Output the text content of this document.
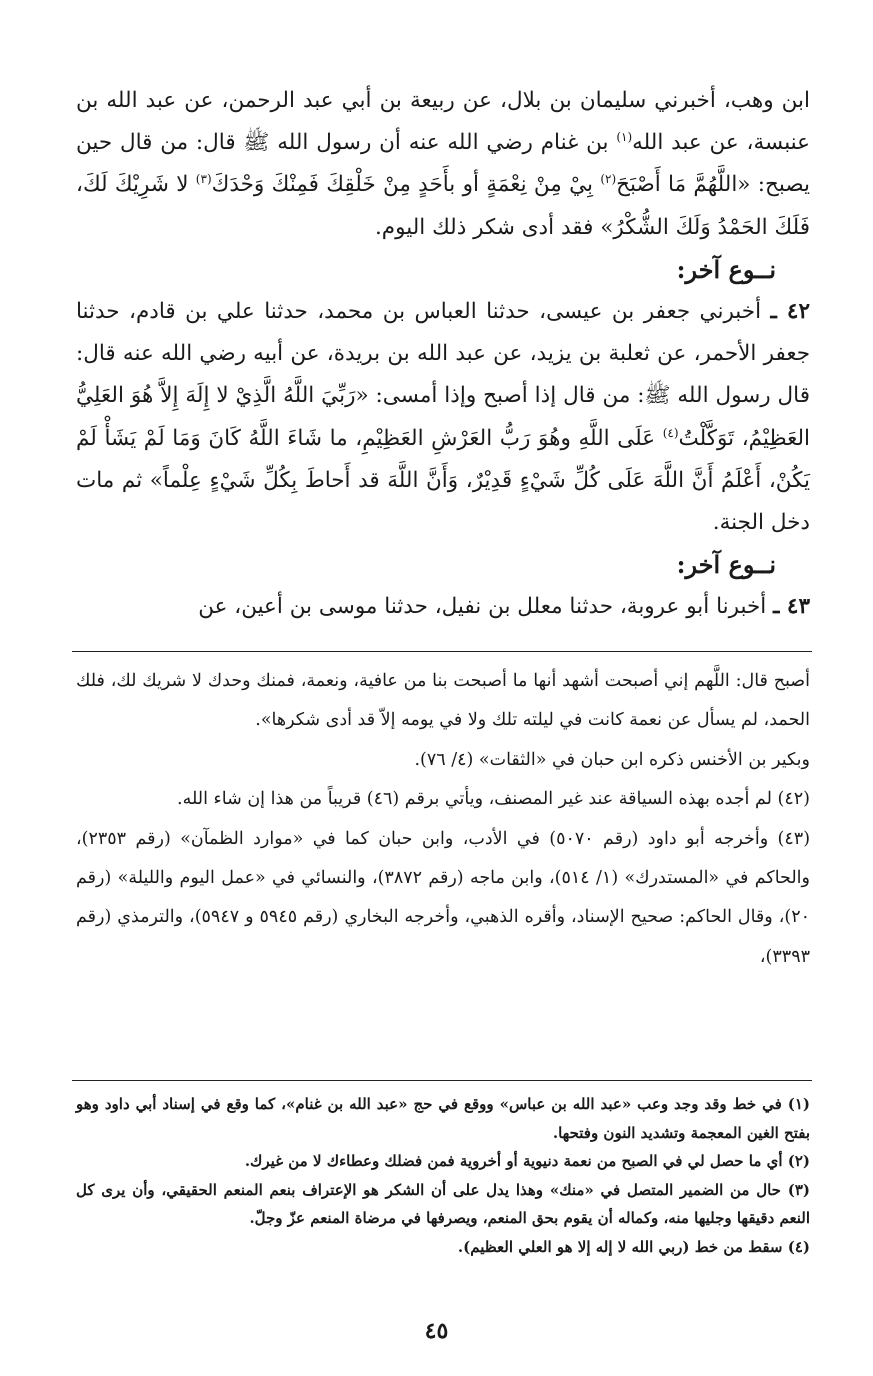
ابن وهب، أخبرني سليمان بن بلال، عن ربيعة بن أبي عبد الرحمن، عن عبد الله بن عنبسة، عن عبد الله$^{(١)}$ بن غنام رضي الله عنه أن رسول الله ﷺ قال: من قال حين يصبح: «اللَّهُمَّ مَا أَصْبَحَ$^{(٢)}$ بِيْ مِنْ نِعْمَةٍ أو بأَحَدٍ مِنْ خَلْقِكَ فَمِنْكَ وَحْدَكَ$^{(٣)}$ لا شَرِيْكَ لَكَ، فَلَكَ الحَمْدُ وَلَكَ الشُّكْرُ» فقد أدى شكر ذلك اليوم.

نــوع آخر:

٤٢ ـ أخبرني جعفر بن عيسى، حدثنا العباس بن محمد، حدثنا علي بن قادم، حدثنا جعفر الأحمر، عن ثعلبة بن يزيد، عن عبد الله بن بريدة، عن أبيه رضي الله عنه قال: قال رسول الله ﷺ: من قال إذا أصبح وإذا أمسى: «رَبِّيَ اللَّهُ الَّذِيْ لا إِلَهَ إِلاَّ هُوَ العَلِيُّ العَظِيْمُ، تَوَكَّلْتُ$^{(٤)}$ عَلَى اللَّهِ وهُوَ رَبُّ العَرْشِ العَظِيْمِ، ما شَاءَ اللَّهُ كَانَ وَمَا لَمْ يَشَأْ لَمْ يَكُنْ، أَعْلَمُ أَنَّ اللَّهَ عَلَى كُلِّ شَيْءٍ قَدِيْرٌ، وَأَنَّ اللَّهَ قد أَحاطَ بِكُلِّ شَيْءٍ عِلْماً» ثم مات دخل الجنة.

نــوع آخر:

٤٣ ـ أخبرنا أبو عروبة، حدثنا معلل بن نفيل، حدثنا موسى بن أعين، عن

أصبح قال: اللَّهم إني أصبحت أشهد أنها ما أصبحت بنا من عافية، ونعمة، فمنك وحدك لا شريك لك، فلك الحمد، لم يسأل عن نعمة كانت في ليلته تلك ولا في يومه إلاّ قد أدى شكرها».

وبكير بن الأخنس ذكره ابن حبان في «الثقات» (٤/ ٧٦).

(٤٢) لم أجده بهذه السياقة عند غير المصنف، ويأتي برقم (٤٦) قريباً من هذا إن شاء الله.

(٤٣) وأخرجه أبو داود (رقم ٥٠٧٠) في الأدب، وابن حبان كما في «موارد الظمآن» (رقم ٢٣٥٣)، والحاكم في «المستدرك» (١/ ٥١٤)، وابن ماجه (رقم ٣٨٧٢)، والنسائي في «عمل اليوم والليلة» (رقم ٢٠)، وقال الحاكم: صحيح الإسناد، وأقره الذهبي، وأخرجه البخاري (رقم ٥٩٤٥ و ٥٩٤٧)، والترمذي (رقم ٣٣٩٣)،

(١) في خط وقد وجد وعب «عبد الله بن عباس» ووقع في حج «عبد الله بن غنام»، كما وقع في إسناد أبي داود وهو بفتح الغين المعجمة وتشديد النون وفتحها.

(٢) أي ما حصل لي في الصبح من نعمة دنيوية أو أخروية فمن فضلك وعطاءك لا من غيرك.

(٣) حال من الضمير المتصل في «منك» وهذا يدل على أن الشكر هو الإعتراف بنعم المنعم الحقيقي، وأن يرى كل النعم دقيقها وجليها منه، وكماله أن يقوم بحق المنعم، ويصرفها في مرضاة المنعم عزّ وجلّ.

(٤) سقط من خط (ربي الله لا إله إلا هو العلي العظيم).

٤٥
